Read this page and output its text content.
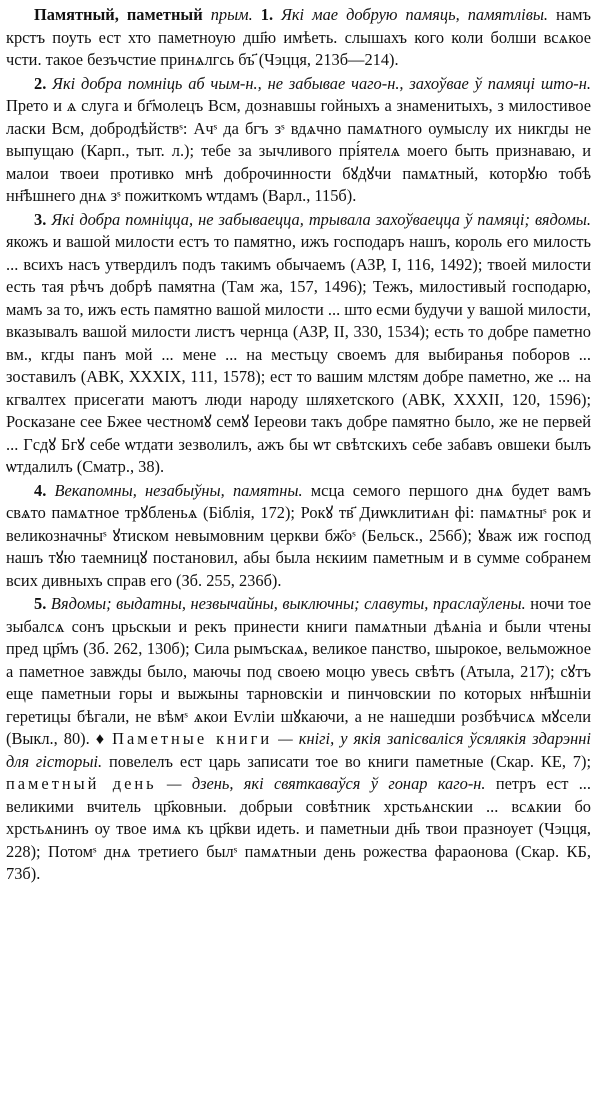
Памятный, паметный прым. 1. Які мае добрую памяць, памятлівы. намъ крстъ поуть ест хто паметноую дш҃ю имѣеть. слышахъ кого коли болши всѧкое чсти. такое безъчстие принѧлгсь бъ҃ (Чэцця, 213б—214).

2. Які добра помніць аб чым-н., не забывае чаго-н., захоўвае ў памяці што-н. Прето и ѧ слуга и бг҃молецъ Всм, дознавшы гойныхъ а знаменитыхъ, з милостивое ласки Всм, добродѣйствˢ: Ачˢ да бгъ зˢ вдѧчно памѧтного оумыслу их никгды не выпущаю (Карп., тыт. л.); тебе за зычливого прі́ятелѧ моего быть признаваю, и малои твоеи противко мнѣ доброчинности бꙋдꙋчи памѧтный, которꙋю тобѣ нн҃ѣшнего днѧ зˢ пожиткомъ ѡтдамъ (Варл., 115б).

3. Які добра помніцца, не забываецца, трывала захоўваецца ў памяці; вядомы. якожъ и вашой милости естъ то памятно, ижъ господаръ нашъ, король его милость ... всихъ насъ утвердилъ подъ такимъ обычаемъ (АЗР, I, 116, 1492); твоей милости есть тая рѣчъ добрѣ памятна (Там жа, 157, 1496); Тежъ, милостивый господарю, мамъ за то, ижъ есть памятно вашой милости ... што есми будучи у вашой милости, вказывалъ вашой милости листъ чернца (АЗР, II, 330, 1534); есть то добре паметно вм., кгды панъ мой ... мене ... на местьцу своемъ для выбиранья поборов ... зоставилъ (АВК, XXXIX, 111, 1578); ест то вашим млстям добре паметно, же ... на кгвалтех присегати маютъ люди народу шляхетского (АВК, XXXII, 120, 1596); Росказане сее Бжее честномꙋ семꙋ Іереови такъ добре памятно было, же не первей ... Гсдꙋ Бгꙋ себе ѡтдати зезволилъ, ажъ бы ѡт свѣтскихъ себе забавъ овшеки былъ ѡтдалилъ (Сматр., 38).

4. Векапомны, незабыўны, памятны. мсца семого першого днѧ будет вамъ свѧто памѧтное трꙋбленьѧ (Біблія, 172); Рокꙋ тв҃ Диѡклитиѧн фі: памѧтныˢ рок и великозначныˢ ꙋтиском невымовним церкви бж҃оˢ (Бельск., 256б); ꙋваж иж господ нашъ тꙋю таемницꙋ постановил, абы была нєкиим паметным и в сумме собранем всих дивныхъ справ его (Зб. 255, 236б).

5. Вядомы; выдатны, незвычайны, выключны; славуты, праслаўлены. ночи тое зыбалсѧ сонъ црьскыи и рекъ принести книги памѧтныи дѣѧніа и были чтены пред цр҃мъ (Зб. 262, 130б); Сила рымъскаѧ, великое панство, шырокое, вельможное а паметное завжды было, маючы под своею моцю увесь свѣтъ (Атыла, 217); сꙋтъ еще паметныи горы и выжыны тарновскіи и пинчовскии по которых нн҃ѣшніи геретицы бѣгали, не вѣмˢ ѧкои Еѵліи шꙋкаючи, а не нашедши розбѣчисѧ мꙋсели (Выкл., 80). ♦ Паметные книги — кнігі, у якія запісваліся ўсялякія здарэнні для гісторыі. повелелъ ест царь записати тое во книги паметные (Скар. КЕ, 7); паметный день — дзень, які святкаваўся ў гонар каго-н. петръ ест ... великими вчитель цр҃ковныи. добрыи совѣтник хрстьѧнскии ... всѧкии бо хрстьѧнинъ оу твое имѧ къ цр҃кви идеть. и паметныи дн҃ь твои празноует (Чэцця, 228); Потомˢ днѧ третиего былˢ памѧтныи день рожества фараонова (Скар. КБ, 73б).
